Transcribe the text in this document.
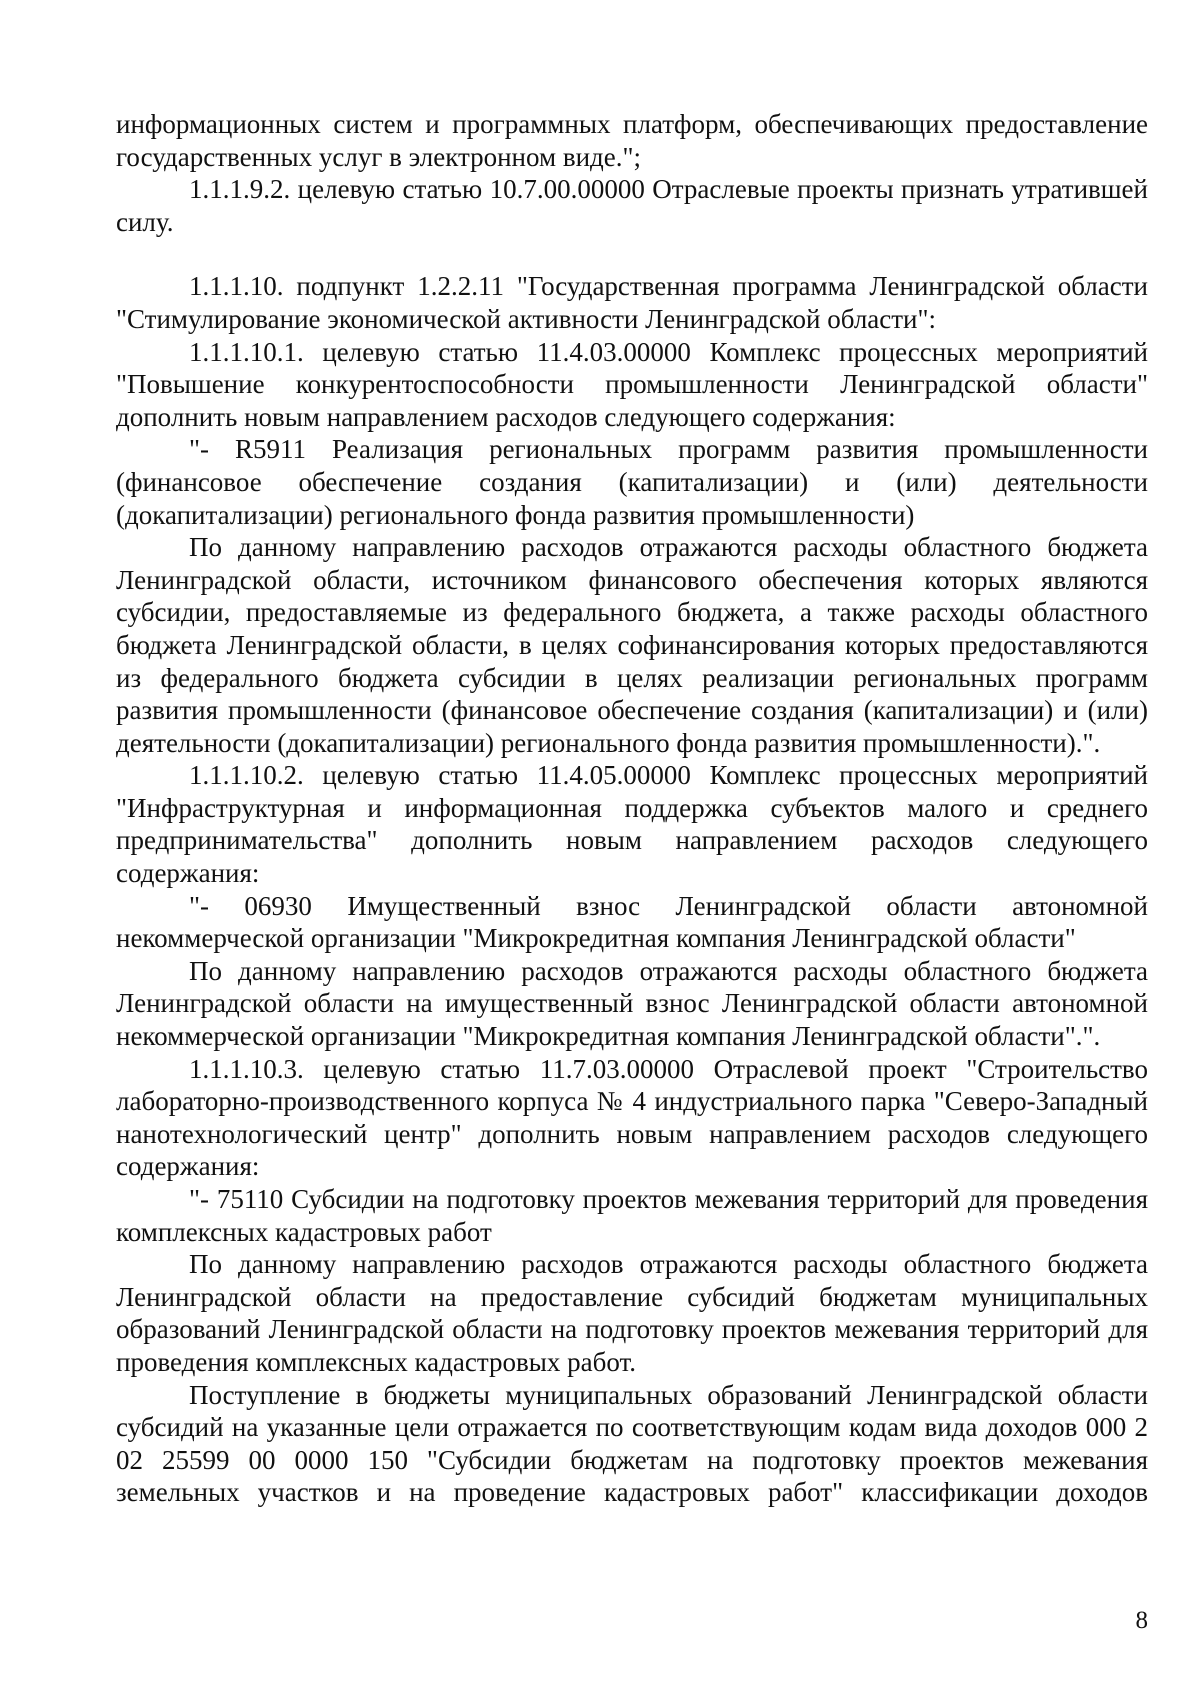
информационных систем и программных платформ, обеспечивающих предоставление государственных услуг в электронном виде.";

1.1.1.9.2. целевую статью 10.7.00.00000 Отраслевые проекты признать утратившей силу.

1.1.1.10. подпункт 1.2.2.11 "Государственная программа Ленинградской области "Стимулирование экономической активности Ленинградской области":

1.1.1.10.1. целевую статью 11.4.03.00000 Комплекс процессных мероприятий "Повышение конкурентоспособности промышленности Ленинградской области" дополнить новым направлением расходов следующего содержания:

"- R5911 Реализация региональных программ развития промышленности (финансовое обеспечение создания (капитализации) и (или) деятельности (докапитализации) регионального фонда развития промышленности)

По данному направлению расходов отражаются расходы областного бюджета Ленинградской области, источником финансового обеспечения которых являются субсидии, предоставляемые из федерального бюджета, а также расходы областного бюджета Ленинградской области, в целях софинансирования которых предоставляются из федерального бюджета субсидии в целях реализации региональных программ развития промышленности (финансовое обеспечение создания (капитализации) и (или) деятельности (докапитализации) регионального фонда развития промышленности).".

1.1.1.10.2. целевую статью 11.4.05.00000 Комплекс процессных мероприятий "Инфраструктурная и информационная поддержка субъектов малого и среднего предпринимательства" дополнить новым направлением расходов следующего содержания:

"- 06930 Имущественный взнос Ленинградской области автономной некоммерческой организации "Микрокредитная компания Ленинградской области"

По данному направлению расходов отражаются расходы областного бюджета Ленинградской области на имущественный взнос Ленинградской области автономной некоммерческой организации "Микрокредитная компания Ленинградской области".".

1.1.1.10.3. целевую статью 11.7.03.00000 Отраслевой проект "Строительство лабораторно-производственного корпуса № 4 индустриального парка "Северо-Западный нанотехнологический центр" дополнить новым направлением расходов следующего содержания:

"- 75110 Субсидии на подготовку проектов межевания территорий для проведения комплексных кадастровых работ

По данному направлению расходов отражаются расходы областного бюджета Ленинградской области на предоставление субсидий бюджетам муниципальных образований Ленинградской области на подготовку проектов межевания территорий для проведения комплексных кадастровых работ.

Поступление в бюджеты муниципальных образований Ленинградской области субсидий на указанные цели отражается по соответствующим кодам вида доходов 000 2 02 25599 00 0000 150 "Субсидии бюджетам на подготовку проектов межевания земельных участков и на проведение кадастровых работ" классификации доходов

8
